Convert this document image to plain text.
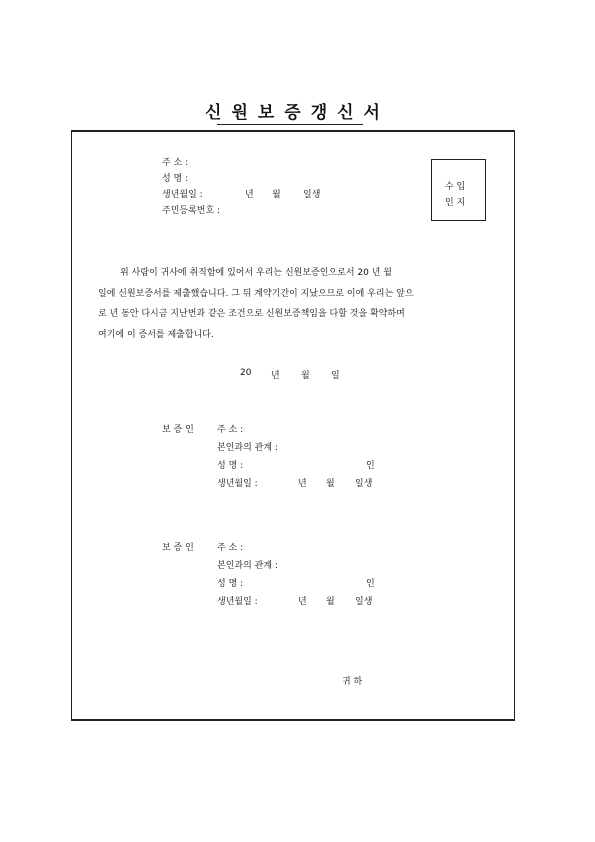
신원보증갱신서
주 소 :
성 명 :
생년월일 :	년 월 일생
주민등록번호 :
수 입
인 지
위 사람이 귀사에 취직함에 있어서 우리는 신원보증인으로서 20 년 월
일에 신원보증서를 제출했습니다. 그 뒤 계약기간이 지났으므로 이에 우리는 앞으
로 년 동안 다시금 지난번과 같은 조건으로 신원보증책임을 다할 것을 확약하며
여기에 이 증서를 제출합니다.
20 년 월 일
보 증 인	주 소 :
본인과의 관계 :
성 명 :	인
생년월일 :	년 월 일생
보 증 인	주 소 :
본인과의 관계 :
성 명 :	인
생년월일 :	년 월 일생
귀 하
